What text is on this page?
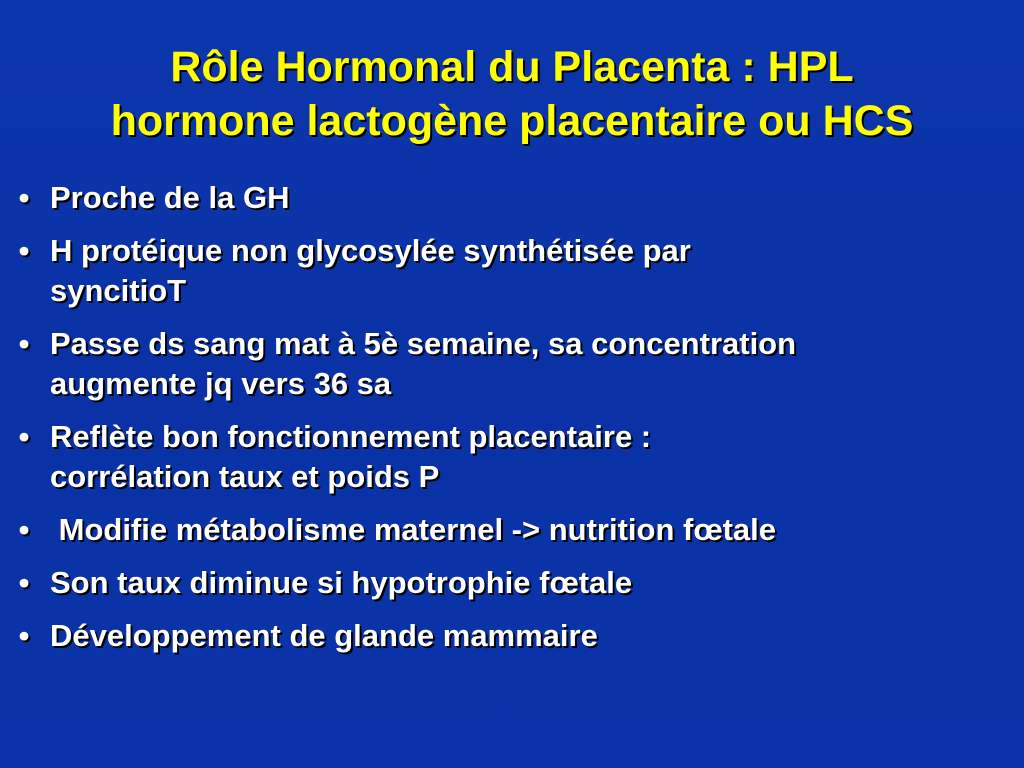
Rôle Hormonal du Placenta : HPL
hormone lactogène placentaire ou HCS
• Proche de la GH
• H protéique non glycosylée synthétisée par
syncitioT
• Passe ds sang mat à 5è semaine, sa concentration
augmente jq vers 36 sa
• Reflète bon fonctionnement placentaire :
corrélation taux et poids P
• Modifie métabolisme maternel -> nutrition fœtale
• Son taux diminue si hypotrophie fœtale
• Développement de glande mammaire
